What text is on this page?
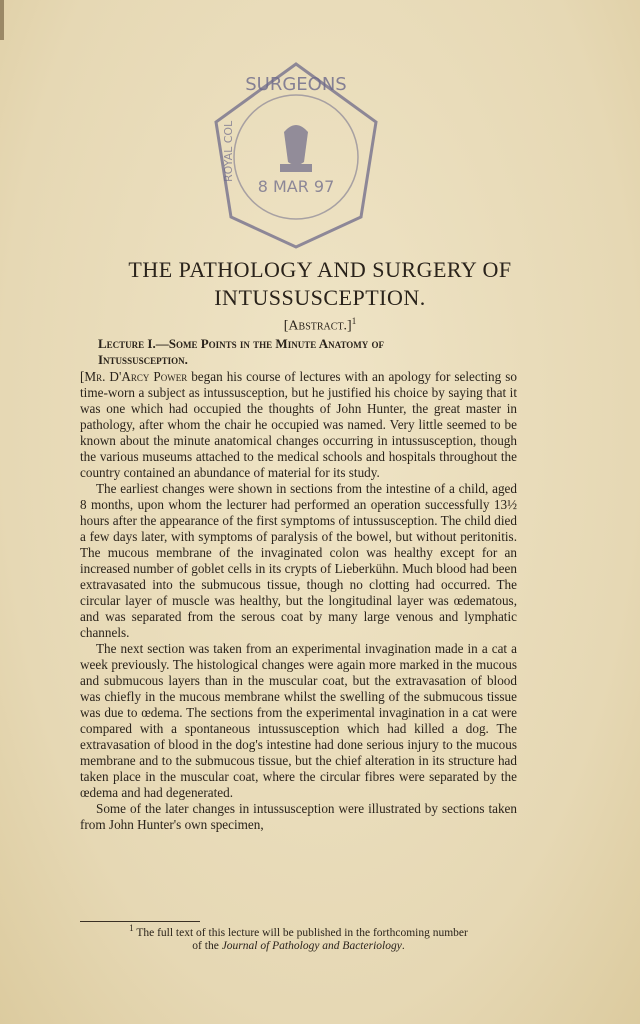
SURGEONS
ROYAL COL
8 MAR 97
THE PATHOLOGY AND SURGERY OF
INTUSSUSCEPTION.
[Abstract.]$^1$
Lecture I.—Some Points in the Minute Anatomy of
Intussusception.

[Mr. D'Arcy Power began his course of lectures with an apology for selecting so time-worn a subject as intussusception, but he justified his choice by saying that it was one which had occupied the thoughts of John Hunter, the great master in pathology, after whom the chair he occupied was named. Very little seemed to be known about the minute anatomical changes occurring in intussusception, though the various museums attached to the medical schools and hospitals throughout the country contained an abundance of material for its study.

The earliest changes were shown in sections from the intestine of a child, aged 8 months, upon whom the lecturer had performed an operation successfully 13½ hours after the appearance of the first symptoms of intussusception. The child died a few days later, with symptoms of paralysis of the bowel, but without peritonitis. The mucous membrane of the invaginated colon was healthy except for an increased number of goblet cells in its crypts of Lieberkühn. Much blood had been extravasated into the submucous tissue, though no clotting had occurred. The circular layer of muscle was healthy, but the longitudinal layer was œdematous, and was separated from the serous coat by many large venous and lymphatic channels.

The next section was taken from an experimental invagination made in a cat a week previously. The histological changes were again more marked in the mucous and submucous layers than in the muscular coat, but the extravasation of blood was chiefly in the mucous membrane whilst the swelling of the submucous tissue was due to œdema. The sections from the experimental invagination in a cat were compared with a spontaneous intussusception which had killed a dog. The extravasation of blood in the dog's intestine had done serious injury to the mucous membrane and to the submucous tissue, but the chief alteration in its structure had taken place in the muscular coat, where the circular fibres were separated by the œdema and had degenerated.

Some of the later changes in intussusception were illustrated by sections taken from John Hunter's own specimen,

$^1$ The full text of this lecture will be published in the forthcoming number
of the Journal of Pathology and Bacteriology.
